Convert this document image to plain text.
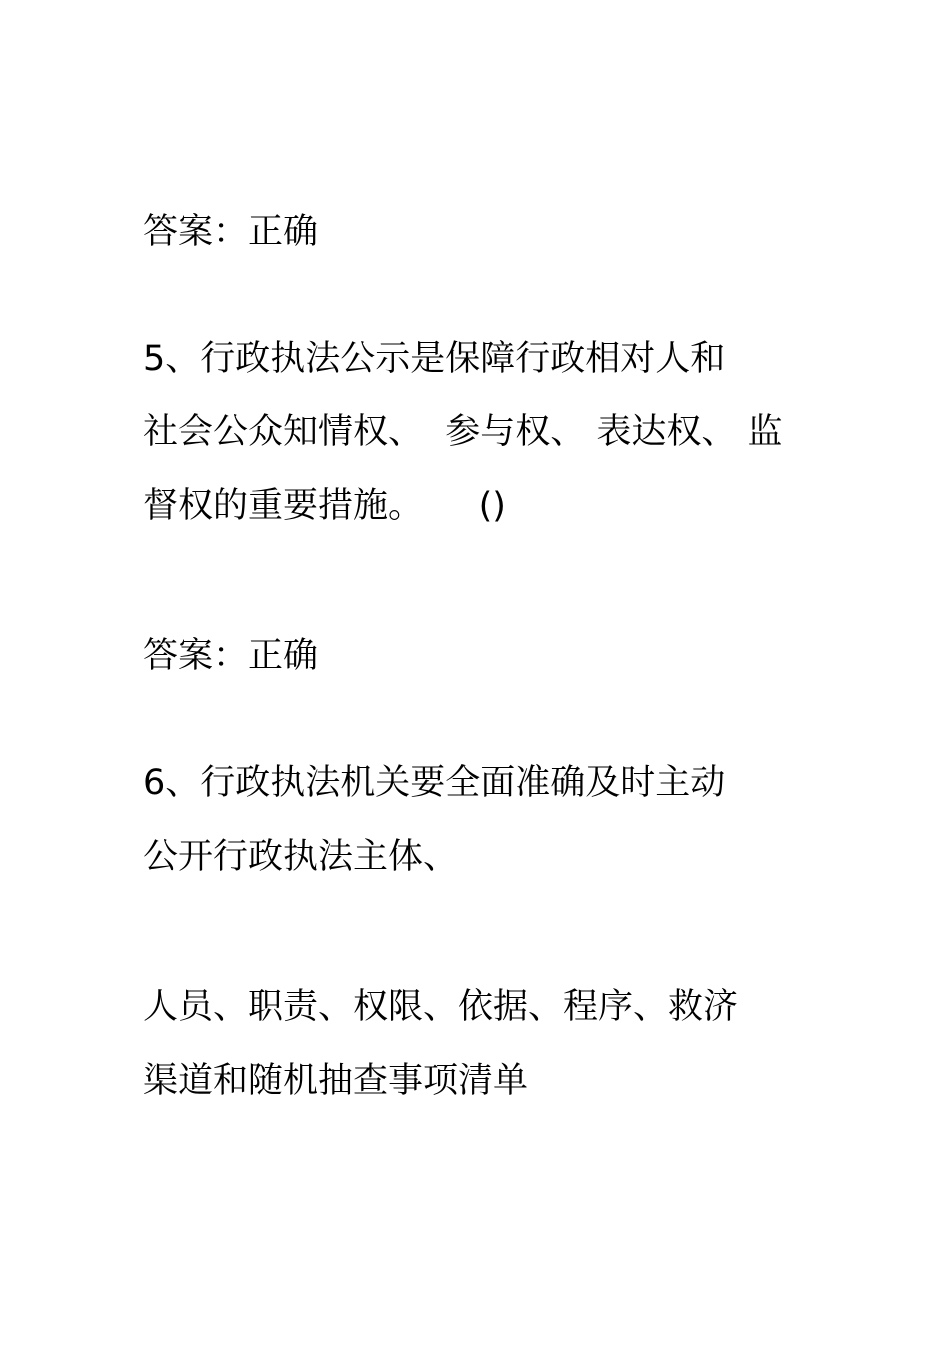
答案：正确
5、行政执法公示是保障行政相对人和
社会公众知情权、  参与权、 表达权、 监
督权的重要措施。     ()
答案：正确
6、行政执法机关要全面准确及时主动
公开行政执法主体、
人员、职责、权限、依据、程序、救济
渠道和随机抽查事项清单
